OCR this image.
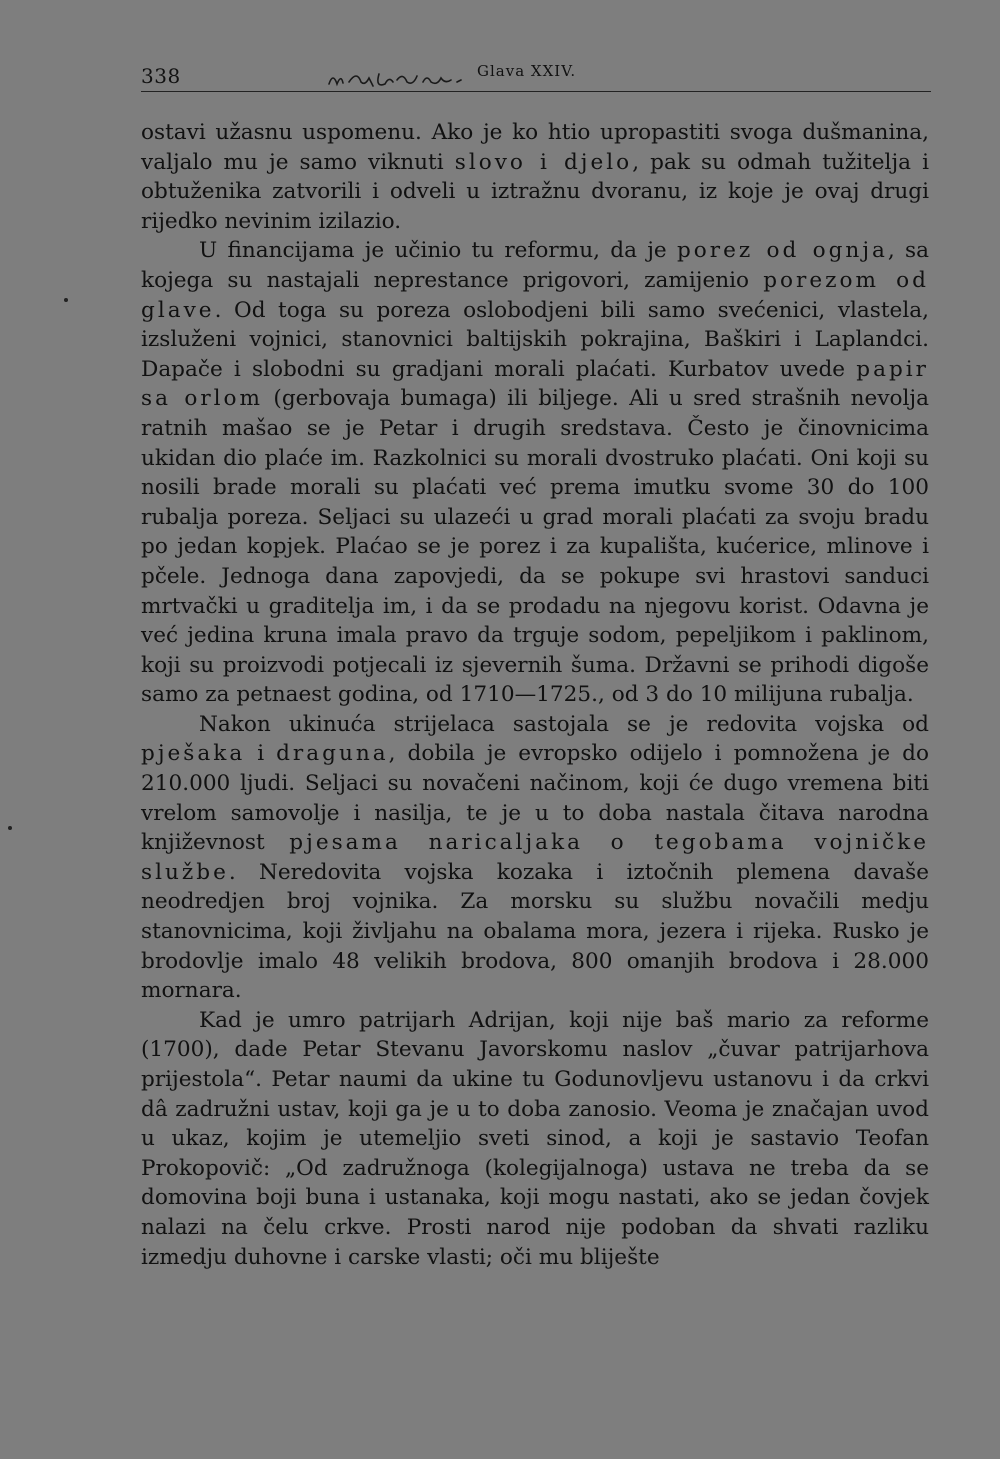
338	Glava XXIV.

ostavi užasnu uspomenu. Ako je ko htio upropastiti svoga dušmanina, valjalo mu je samo viknuti slovo i djelo, pak su odmah tužitelja i obtuženika zatvorili i odveli u iztražnu dvoranu, iz koje je ovaj drugi rijedko nevinim izilazio.

U financijama je učinio tu reformu, da je porez od ognja, sa kojega su nastajali neprestance prigovori, zamijenio porezom od glave. Od toga su poreza oslobodjeni bili samo svećenici, vlastela, izsluženi vojnici, stanovnici baltijskih pokrajina, Baškiri i Laplandci. Dapače i slobodni su gradjani morali plaćati. Kurbatov uvede papir sa orlom (gerbovaja bumaga) ili biljege. Ali u sred strašnih nevolja ratnih mašao se je Petar i drugih sredstava. Često je činovnicima ukidan dio plaće im. Razkolnici su morali dvostruko plaćati. Oni koji su nosili brade morali su plaćati već prema imutku svome 30 do 100 rubalja poreza. Seljaci su ulazeći u grad morali plaćati za svoju bradu po jedan kopjek. Plaćao se je porez i za kupališta, kućerice, mlinove i pčele. Jednoga dana zapovjedi, da se pokupe svi hrastovi sanduci mrtvački u graditelja im, i da se prodadu na njegovu korist. Odavna je već jedina kruna imala pravo da trguje sodom, pepeljikom i paklinom, koji su proizvodi potjecali iz sjevernih šuma. Državni se prihodi digoše samo za petnaest godina, od 1710—1725., od 3 do 10 milijuna rubalja.

Nakon ukinuća strijelaca sastojala se je redovita vojska od pješaka i draguna, dobila je evropsko odijelo i pomnožena je do 210.000 ljudi. Seljaci su novačeni načinom, koji će dugo vremena biti vrelom samovolje i nasilja, te je u to doba nastala čitava narodna književnost pjesama naricaljaka o tegobama vojničke službe. Neredovita vojska kozaka i iztočnih plemena davaše neodredjen broj vojnika. Za morsku su službu novačili medju stanovnicima, koji življahu na obalama mora, jezera i rijeka. Rusko je brodovlje imalo 48 velikih brodova, 800 omanjih brodova i 28.000 mornara.

Kad je umro patrijarh Adrijan, koji nije baš mario za reforme (1700), dade Petar Stevanu Javorskomu naslov „čuvar patrijarhova prijestola“. Petar naumi da ukine tu Godunovljevu ustanovu i da crkvi dâ zadružni ustav, koji ga je u to doba zanosio. Veoma je značajan uvod u ukaz, kojim je utemeljio sveti sinod, a koji je sastavio Teofan Prokopovič: „Od zadružnoga (kolegijalnoga) ustava ne treba da se domovina boji buna i ustanaka, koji mogu nastati, ako se jedan čovjek nalazi na čelu crkve. Prosti narod nije podoban da shvati razliku izmedju duhovne i carske vlasti; oči mu bliješte
